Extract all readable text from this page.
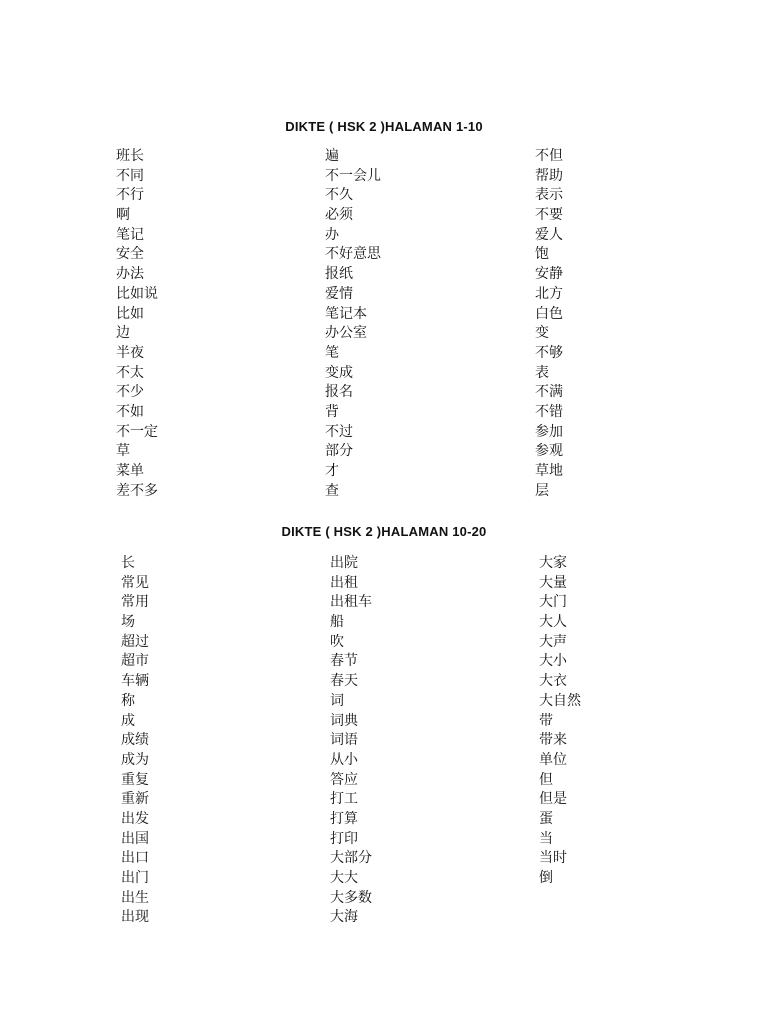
DIKTE ( HSK 2 )HALAMAN 1-10
班长
不同
不行
啊
笔记
安全
办法
比如说
比如
边
半夜
不太
不少
不如
不一定
草
菜单
差不多
遍
不一会儿
不久
必须
办
不好意思
报纸
爱情
笔记本
办公室
笔
变成
报名
背
不过
部分
才
查
不但
帮助
表示
不要
爱人
饱
安静
北方
白色
变
不够
表
不满
不错
参加
参观
草地
层
DIKTE ( HSK 2 )HALAMAN 10-20
长
常见
常用
场
超过
超市
车辆
称
成
成绩
成为
重复
重新
出发
出国
出口
出门
出生
出现
出院
出租
出租车
船
吹
春节
春天
词
词典
词语
从小
答应
打工
打算
打印
大部分
大大
大多数
大海
大家
大量
大门
大人
大声
大小
大衣
大自然
带
带来
单位
但
但是
蛋
当
当时
倒
